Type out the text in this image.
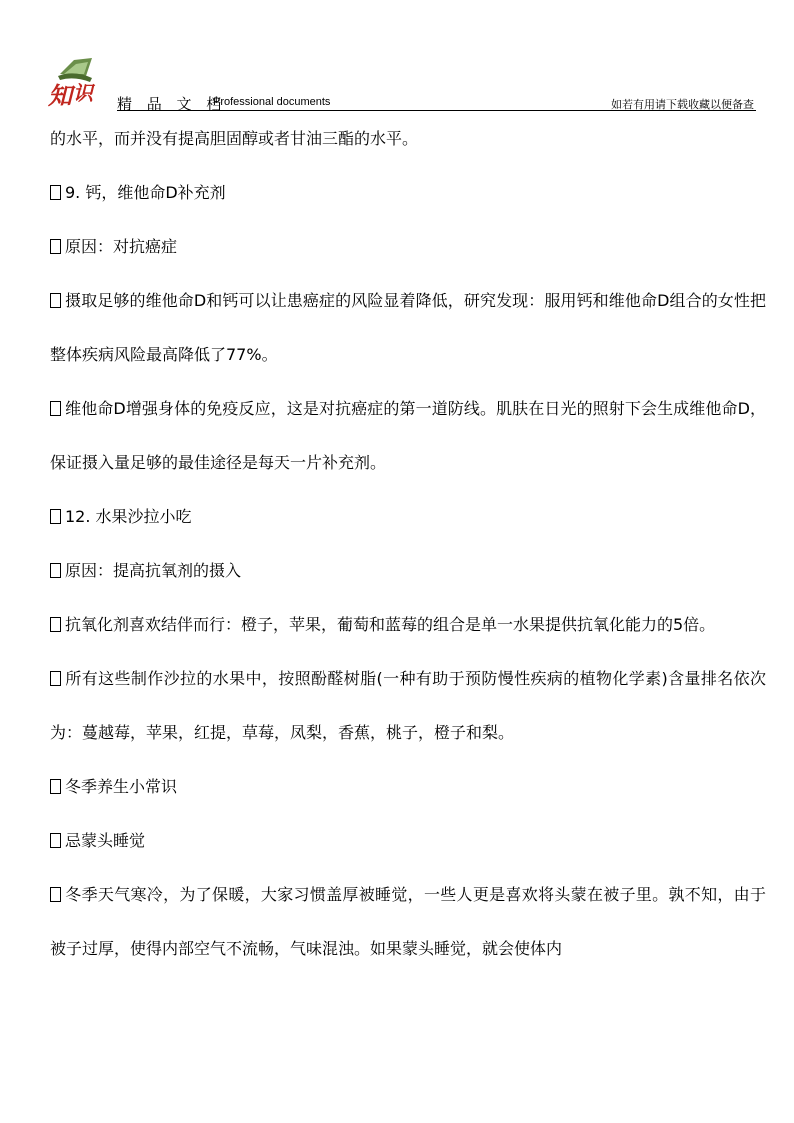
知 识 精 品 文 档
Professional documents	如若有用请下载收藏以便备查

的水平，而并没有提高胆固醇或者甘油三酯的水平。

9. 钙，维他命D补充剂

原因：对抗癌症

摄取足够的维他命D和钙可以让患癌症的风险显着降低，研究发现：服用钙和维他命D组合的女性把整体疾病风险最高降低了77%。

维他命D增强身体的免疫反应，这是对抗癌症的第一道防线。肌肤在日光的照射下会生成维他命D，保证摄入量足够的最佳途径是每天一片补充剂。

12. 水果沙拉小吃

原因：提高抗氧剂的摄入

抗氧化剂喜欢结伴而行：橙子，苹果，葡萄和蓝莓的组合是单一水果提供抗氧化能力的5倍。

所有这些制作沙拉的水果中，按照酚醛树脂(一种有助于预防慢性疾病的植物化学素)含量排名依次为：蔓越莓，苹果，红提，草莓，凤梨，香蕉，桃子，橙子和梨。

冬季养生小常识

忌蒙头睡觉

冬季天气寒冷，为了保暖，大家习惯盖厚被睡觉，一些人更是喜欢将头蒙在被子里。孰不知，由于被子过厚，使得内部空气不流畅，气味混浊。如果蒙头睡觉，就会使体内
